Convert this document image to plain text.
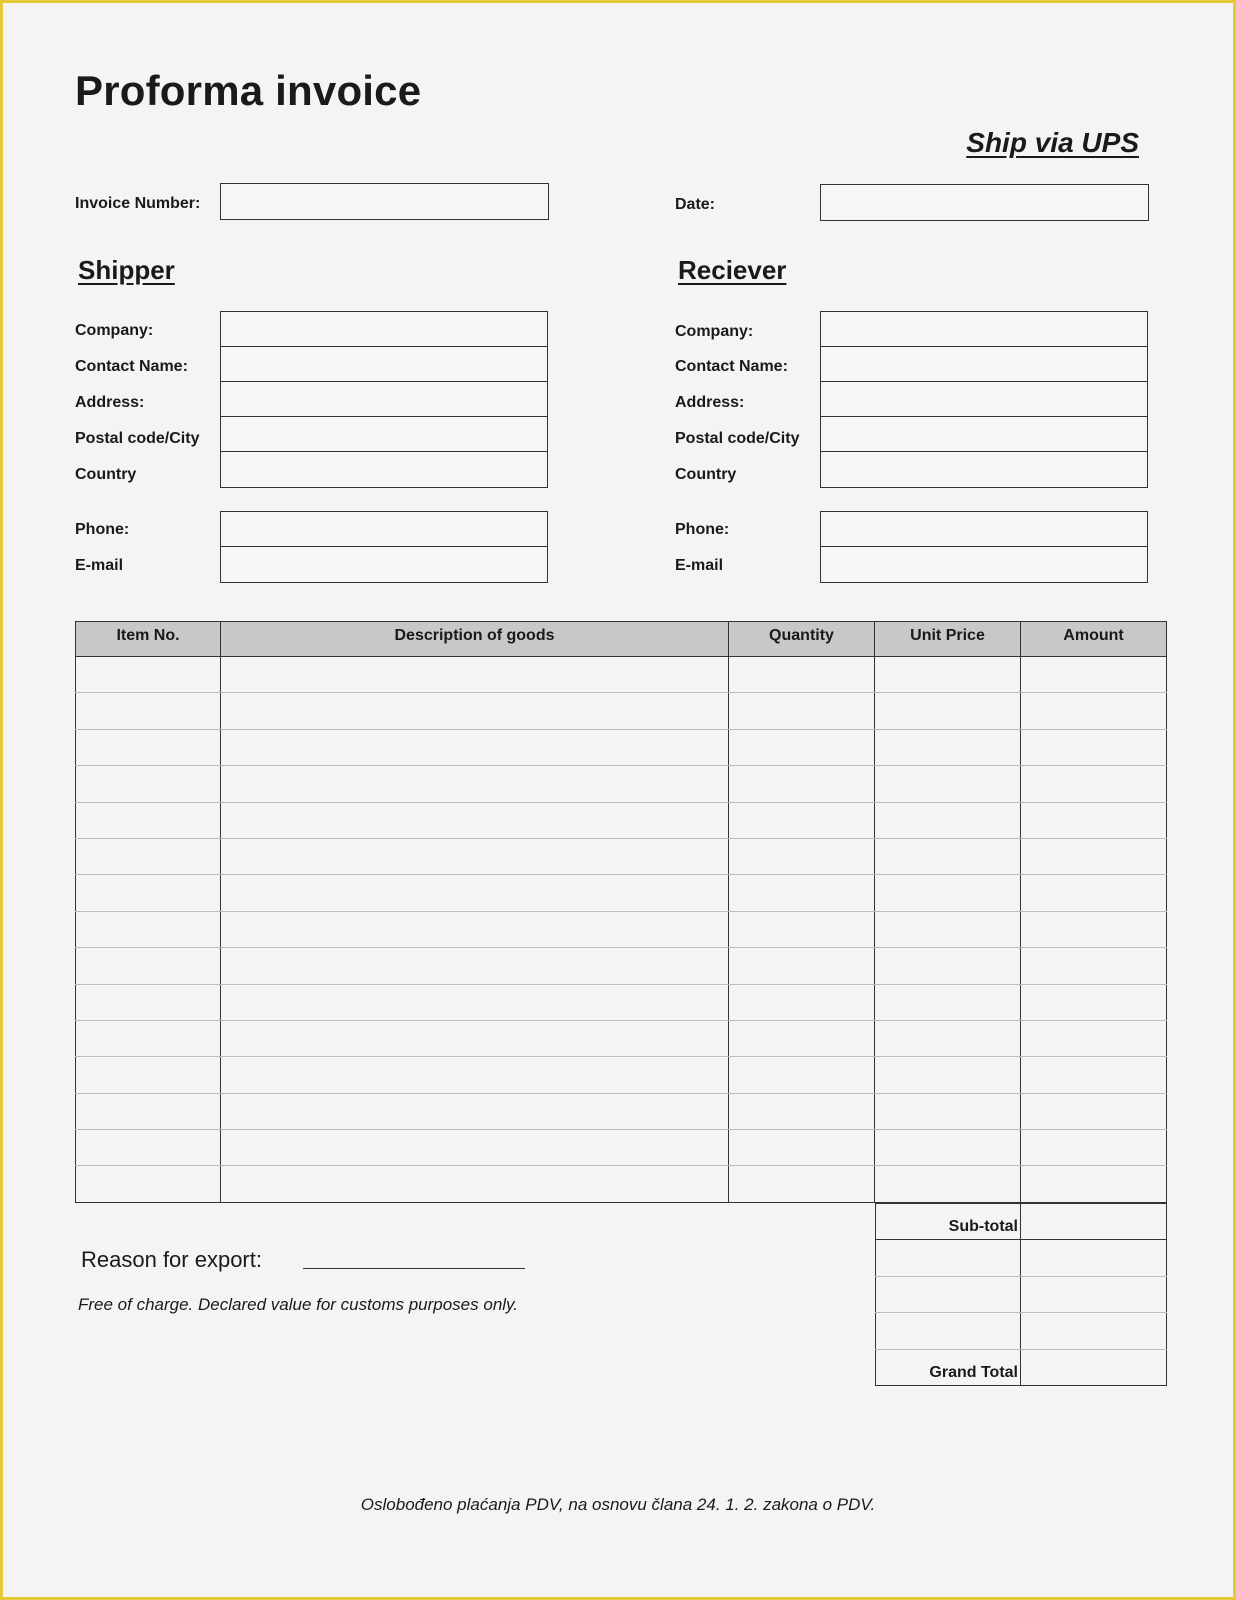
Proforma invoice
Ship via UPS
Invoice Number:	Date:
Shipper
Company:
Contact Name:
Address:
Postal code/City
Country
Phone:
E-mail
Reciever
Company:
Contact Name:
Address:
Postal code/City
Country
Phone:
E-mail
Item No.	Description of goods	Quantity	Unit Price	Amount

Sub-total	

Grand Total	
Reason for export:
Free of charge. Declared value for customs purposes only.
Oslobođeno plaćanja PDV, na osnovu člana 24. 1. 2. zakona o PDV.
